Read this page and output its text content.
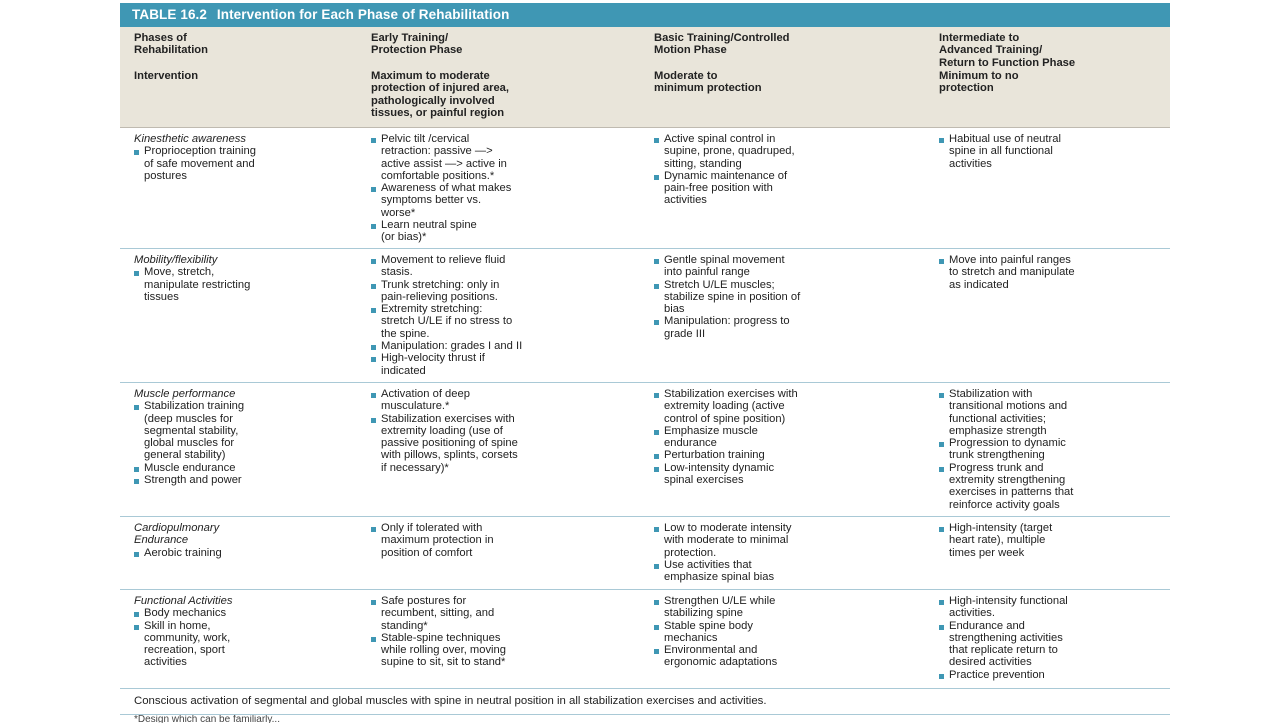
TABLE 16.2 Intervention for Each Phase of Rehabilitation
Phases of
Rehabilitation
Intervention
Early Training/
Protection Phase
Maximum to moderate
protection of injured area,
pathologically involved
tissues, or painful region
Basic Training/Controlled
Motion Phase
Moderate to
minimum protection
Intermediate to
Advanced Training/
Return to Function Phase
Minimum to no
protection
Kinesthetic awareness
Proprioception training
of safe movement and
postures
Pelvic tilt /cervical
retraction: passive —>
active assist —> active in
comfortable positions.*
Awareness of what makes
symptoms better vs.
worse*
Learn neutral spine
(or bias)*
Active spinal control in
supine, prone, quadruped,
sitting, standing
Dynamic maintenance of
pain-free position with
activities
Habitual use of neutral
spine in all functional
activities
Mobility/flexibility
Move, stretch,
manipulate restricting
tissues
Movement to relieve fluid
stasis.
Trunk stretching: only in
pain-relieving positions.
Extremity stretching:
stretch U/LE if no stress to
the spine.
Manipulation: grades I and II
High-velocity thrust if
indicated
Gentle spinal movement
into painful range
Stretch U/LE muscles;
stabilize spine in position of
bias
Manipulation: progress to
grade III
Move into painful ranges
to stretch and manipulate
as indicated
Muscle performance
Stabilization training
(deep muscles for
segmental stability,
global muscles for
general stability)
Muscle endurance
Strength and power
Activation of deep
musculature.*
Stabilization exercises with
extremity loading (use of
passive positioning of spine
with pillows, splints, corsets
if necessary)*
Stabilization exercises with
extremity loading (active
control of spine position)
Emphasize muscle
endurance
Perturbation training
Low-intensity dynamic
spinal exercises
Stabilization with
transitional motions and
functional activities;
emphasize strength
Progression to dynamic
trunk strengthening
Progress trunk and
extremity strengthening
exercises in patterns that
reinforce activity goals
Cardiopulmonary
Endurance
Aerobic training
Only if tolerated with
maximum protection in
position of comfort
Low to moderate intensity
with moderate to minimal
protection.
Use activities that
emphasize spinal bias
High-intensity (target
heart rate), multiple
times per week
Functional Activities
Body mechanics
Skill in home,
community, work,
recreation, sport
activities
Safe postures for
recumbent, sitting, and
standing*
Stable-spine techniques
while rolling over, moving
supine to sit, sit to stand*
Strengthen U/LE while
stabilizing spine
Stable spine body
mechanics
Environmental and
ergonomic adaptations
High-intensity functional
activities.
Endurance and
strengthening activities
that replicate return to
desired activities
Practice prevention
Conscious activation of segmental and global muscles with spine in neutral position in all stabilization exercises and activities.
*Design which can be familiarly...
